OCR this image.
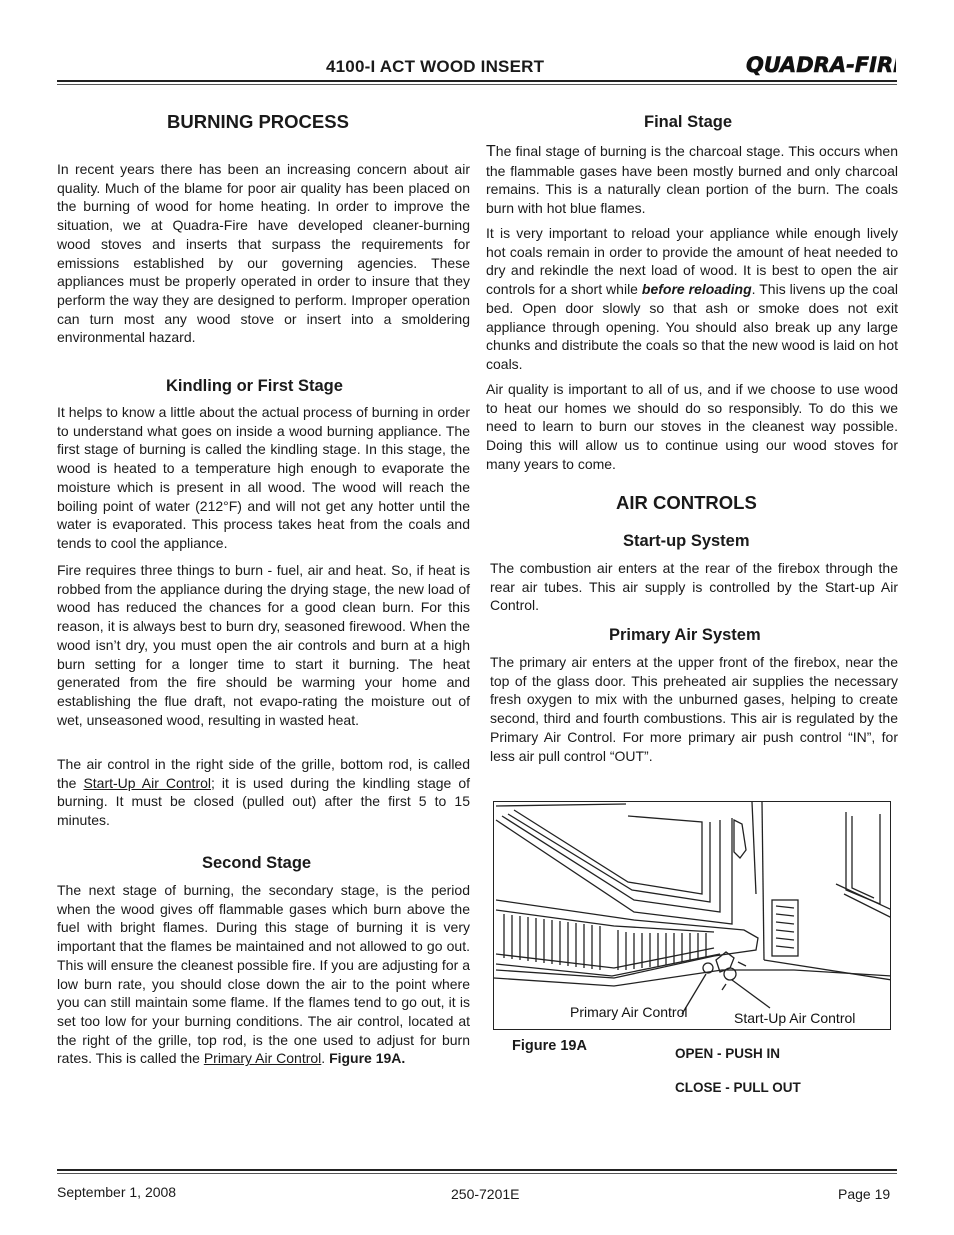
4100-I ACT WOOD INSERT	QUADRA-FIRE
BURNING PROCESS
In recent years there has been an increasing concern about air quality. Much of the blame for poor air quality has been placed on the burning of wood for home heating. In order to improve the situation, we at Quadra-Fire have developed cleaner-burning wood stoves and inserts that surpass the requirements for emissions established by our governing agencies. These appliances must be properly operated in order to insure that they perform the way they are designed to perform. Improper operation can turn most any wood stove or insert into a smoldering environmental hazard.
Kindling or First Stage
It helps to know a little about the actual process of burning in order to understand what goes on inside a wood burning appliance. The first stage of burning is called the kindling stage. In this stage, the wood is heated to a temperature high enough to evaporate the moisture which is present in all wood. The wood will reach the boiling point of water (212°F) and will not get any hotter until the water is evaporated. This process takes heat from the coals and tends to cool the appliance.
Fire requires three things to burn - fuel, air and heat. So, if heat is robbed from the appliance during the drying stage, the new load of wood has reduced the chances for a good clean burn. For this reason, it is always best to burn dry, seasoned firewood. When the wood isn’t dry, you must open the air controls and burn at a high burn setting for a longer time to start it burning. The heat generated from the fire should be warming your home and establishing the flue draft, not evapo-rating the moisture out of wet, unseasoned wood, resulting in wasted heat.
The air control in the right side of the grille, bottom rod, is called the Start-Up Air Control; it is used during the kindling stage of burning. It must be closed (pulled out) after the first 5 to 15 minutes.
Second Stage
The next stage of burning, the secondary stage, is the period when the wood gives off flammable gases which burn above the fuel with bright flames. During this stage of burning it is very important that the flames be maintained and not allowed to go out. This will ensure the cleanest possible fire. If you are adjusting for a low burn rate, you should close down the air to the point where you can still maintain some flame. If the flames tend to go out, it is set too low for your burning conditions. The air control, located at the right of the grille, top rod, is the one used to adjust for burn rates. This is called the Primary Air Control. Figure 19A.
Final Stage
The final stage of burning is the charcoal stage. This occurs when the flammable gases have been mostly burned and only charcoal remains. This is a naturally clean portion of the burn. The coals burn with hot blue flames.
It is very important to reload your appliance while enough lively hot coals remain in order to provide the amount of heat needed to dry and rekindle the next load of wood. It is best to open the air controls for a short while before reloading. This livens up the coal bed. Open door slowly so that ash or smoke does not exit appliance through opening. You should also break up any large chunks and distribute the coals so that the new wood is laid on hot coals.
Air quality is important to all of us, and if we choose to use wood to heat our homes we should do so responsibly. To do this we need to learn to burn our stoves in the cleanest way possible. Doing this will allow us to continue using our wood stoves for many years to come.
AIR CONTROLS
Start-up System
The combustion air enters at the rear of the firebox through the rear air tubes. This air supply is controlled by the Start-up Air Control.
Primary Air System
The primary air enters at the upper front of the firebox, near the top of the glass door. This preheated air supplies the necessary fresh oxygen to mix with the unburned gases, helping to create second, third and fourth combustions. This air is regulated by the Primary Air Control. For more primary air push control “IN”, for less air pull control “OUT”.
Primary Air Control	Start-Up Air Control
Figure 19A	OPEN - PUSH IN
CLOSE - PULL OUT
September 1, 2008	250-7201E	Page 19
